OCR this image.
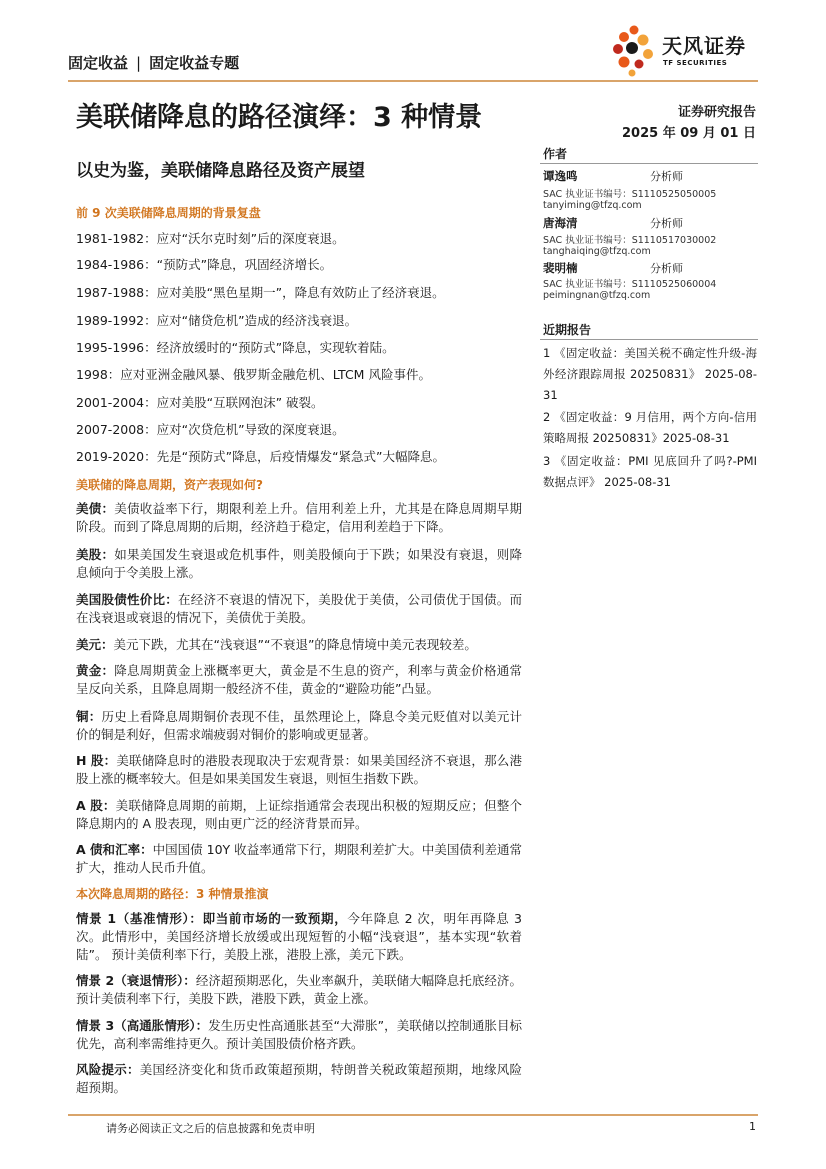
固定收益 | 固定收益专题
天风证券
TF SECURITIES
美联储降息的路径演绎：3 种情景	证券研究报告
2025 年 09 月 01 日
以史为鉴，美联储降息路径及资产展望
前 9 次美联储降息周期的背景复盘
1981-1982：应对“沃尔克时刻”后的深度衰退。
1984-1986：“预防式”降息，巩固经济增长。
1987-1988：应对美股“黑色星期一”，降息有效防止了经济衰退。
1989-1992：应对“储贷危机”造成的经济浅衰退。
1995-1996：经济放缓时的“预防式”降息，实现软着陆。
1998：应对亚洲金融风暴、俄罗斯金融危机、LTCM 风险事件。
2001-2004：应对美股“互联网泡沫” 破裂。
2007-2008：应对“次贷危机”导致的深度衰退。
2019-2020：先是“预防式”降息，后疫情爆发“紧急式”大幅降息。
美联储的降息周期，资产表现如何?
美债：美债收益率下行，期限利差上升。信用利差上升，尤其是在降息周期早期阶段。而到了降息周期的后期，经济趋于稳定，信用利差趋于下降。
美股：如果美国发生衰退或危机事件，则美股倾向于下跌；如果没有衰退，则降息倾向于令美股上涨。
美国股债性价比：在经济不衰退的情况下，美股优于美债，公司债优于国债。而在浅衰退或衰退的情况下，美债优于美股。
美元：美元下跌，尤其在“浅衰退”“不衰退”的降息情境中美元表现较差。
黄金：降息周期黄金上涨概率更大，黄金是不生息的资产，利率与黄金价格通常呈反向关系，且降息周期一般经济不佳，黄金的“避险功能”凸显。
铜：历史上看降息周期铜价表现不佳，虽然理论上，降息令美元贬值对以美元计价的铜是利好，但需求端疲弱对铜价的影响或更显著。
H 股：美联储降息时的港股表现取决于宏观背景：如果美国经济不衰退，那么港股上涨的概率较大。但是如果美国发生衰退，则恒生指数下跌。
A 股：美联储降息周期的前期，上证综指通常会表现出积极的短期反应；但整个降息期内的 A 股表现，则由更广泛的经济背景而异。
A 债和汇率：中国国债 10Y 收益率通常下行，期限利差扩大。中美国债利差通常扩大，推动人民币升值。
本次降息周期的路径：3 种情景推演
情景 1（基准情形）：即当前市场的一致预期，今年降息 2 次，明年再降息 3 次。此情形中，美国经济增长放缓或出现短暂的小幅“浅衰退”，基本实现“软着陆”。 预计美债利率下行，美股上涨，港股上涨，美元下跌。
情景 2（衰退情形）：经济超预期恶化，失业率飙升，美联储大幅降息托底经济。预计美债利率下行，美股下跌，港股下跌，黄金上涨。
情景 3（高通胀情形）：发生历史性高通胀甚至“大滞胀”，美联储以控制通胀目标优先，高利率需维持更久。预计美国股债价格齐跌。
风险提示：美国经济变化和货币政策超预期，特朗普关税政策超预期，地缘风险超预期。
作者
谭逸鸣	分析师
SAC 执业证书编号：S1110525050005
tanyiming@tfzq.com
唐海清	分析师
SAC 执业证书编号：S1110517030002
tanghaiqing@tfzq.com
裴明楠	分析师
SAC 执业证书编号：S1110525060004
peimingnan@tfzq.com
近期报告
1 《固定收益：美国关税不确定性升级-海外经济跟踪周报 20250831》 2025-08-31
2 《固定收益：9 月信用，两个方向-信用策略周报 20250831》2025-08-31
3 《固定收益：PMI 见底回升了吗?-PMI 数据点评》 2025-08-31
请务必阅读正文之后的信息披露和免责申明	1
